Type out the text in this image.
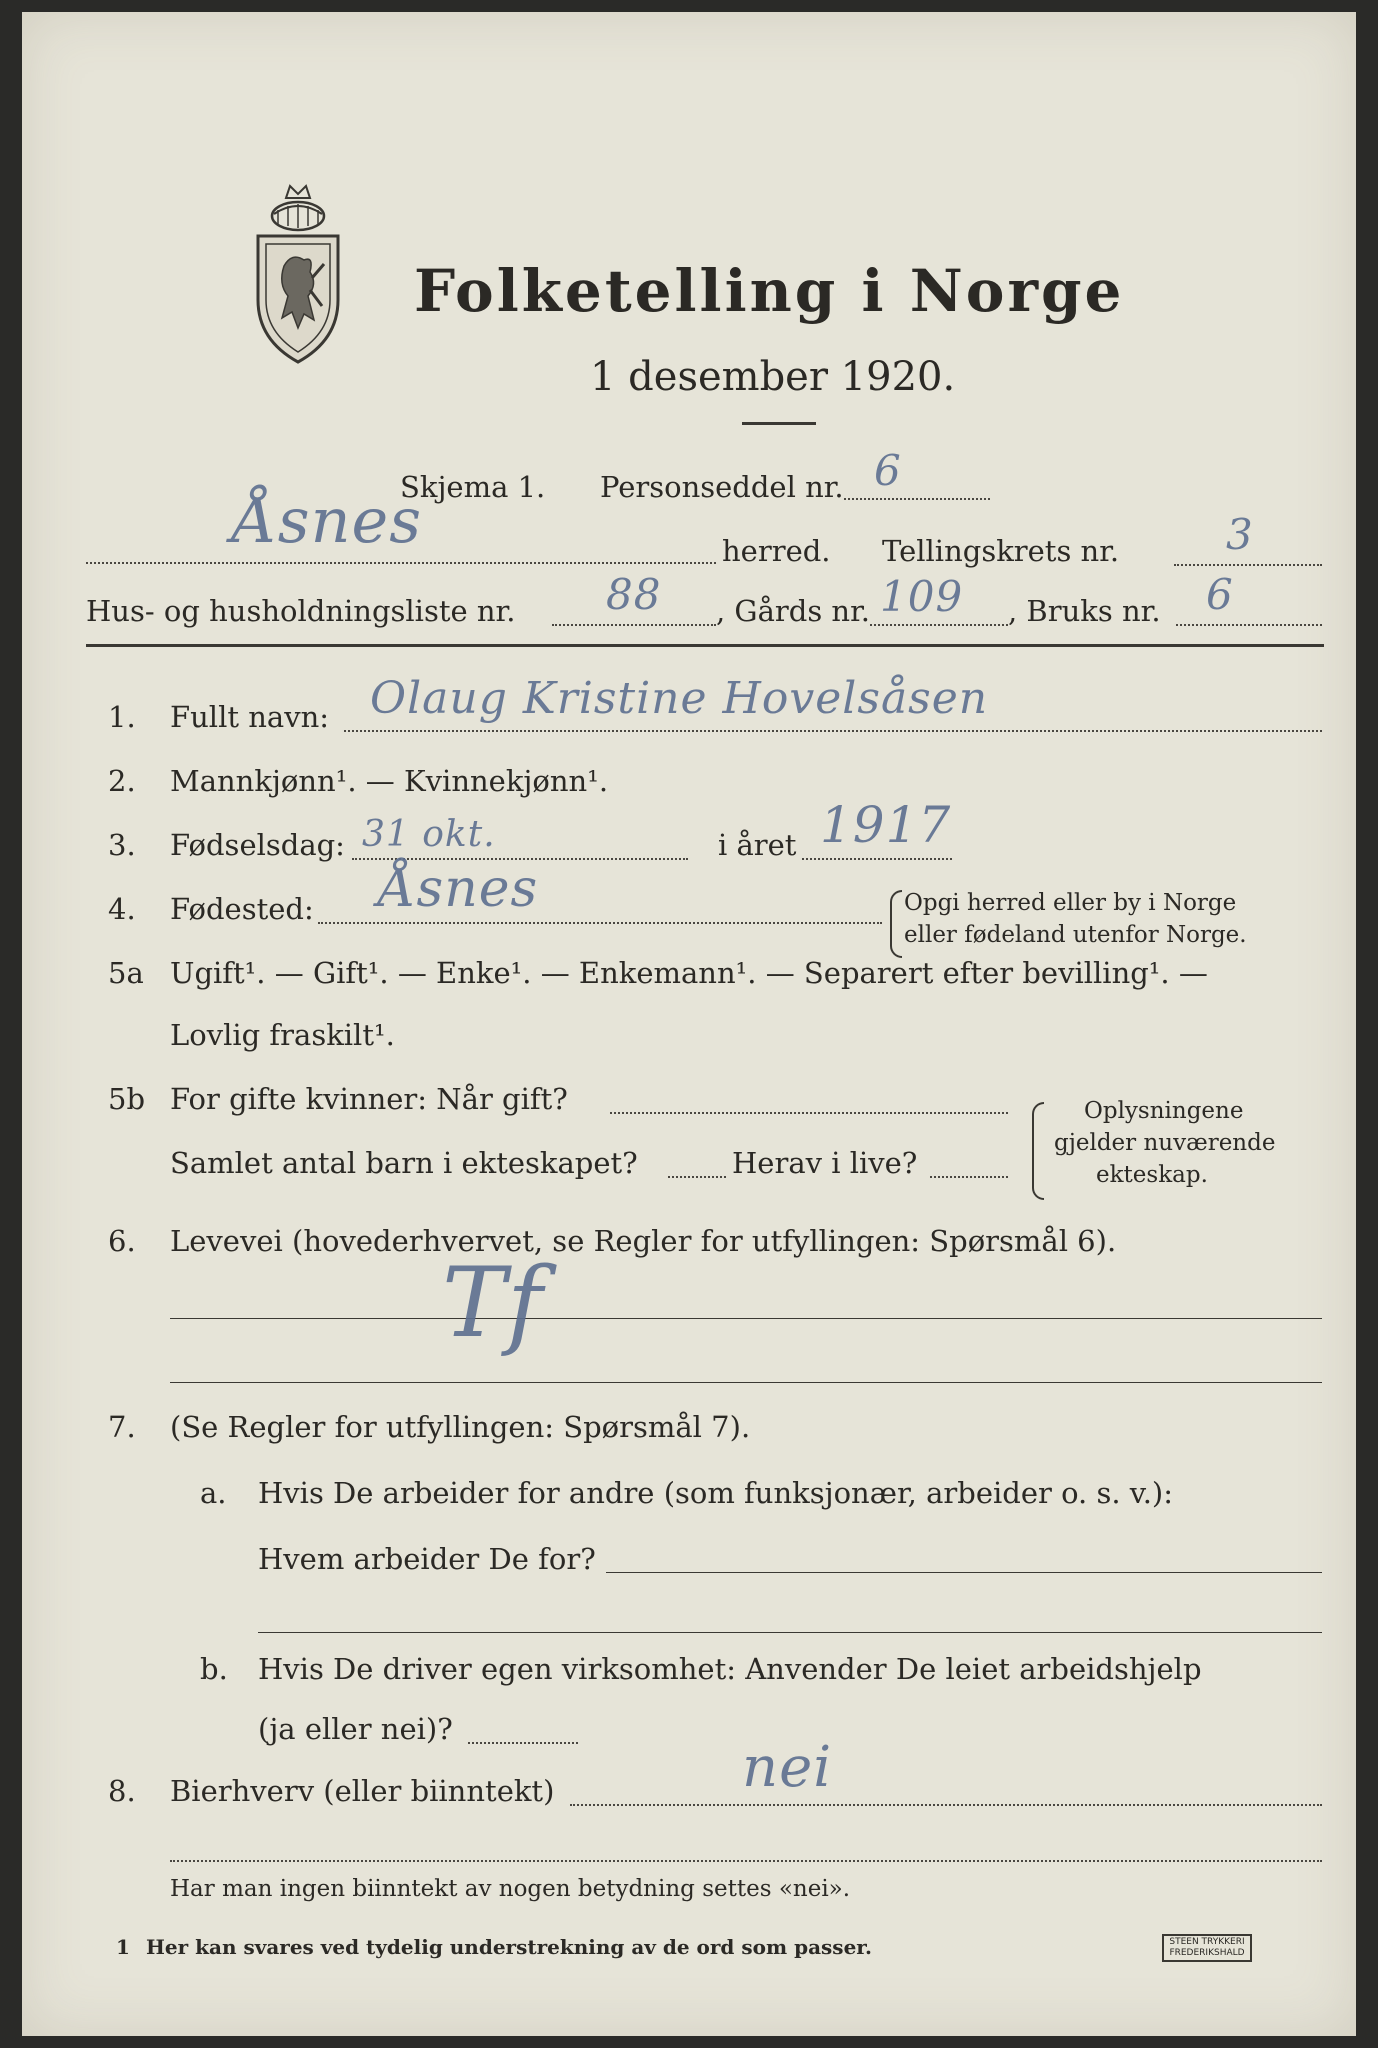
Folketelling i Norge
1 desember 1920.
Skjema 1. Personseddel nr. 6
Åsnes	herred. Tellingskrets nr.	3
Hus- og husholdningsliste nr. 88 , Gårds nr. 109 , Bruks nr. 6
1. Fullt navn: Olaug Kristine Hovelsåsen
2. Mannkjønn¹. — Kvinnekjønn¹.
3. Fødselsdag: 31 okt.	i året 1917
4. Fødested: Åsnes	Opgi herred eller by i Norge
eller fødeland utenfor Norge.
5a Ugift¹. — Gift¹. — Enke¹. — Enkemann¹. — Separert efter bevilling¹. —
Lovlig fraskilt¹.
5b For gifte kvinner: Når gift?
Samlet antal barn i ekteskapet?	Herav i live?
Oplysningene
gjelder nuværende
ekteskap.
6. Levevei (hovederhvervet, se Regler for utfyllingen: Spørsmål 6).
Tf
7. (Se Regler for utfyllingen: Spørsmål 7).
a. Hvis De arbeider for andre (som funksjonær, arbeider o. s. v.):
Hvem arbeider De for?
b. Hvis De driver egen virksomhet: Anvender De leiet arbeidshjelp
(ja eller nei)?
8. Bierhverv (eller biinntekt)	nei
Har man ingen biinntekt av nogen betydning settes «nei».
1 Her kan svares ved tydelig understrekning av de ord som passer.	STEEN TRYKKERI
FREDERIKSHALD
